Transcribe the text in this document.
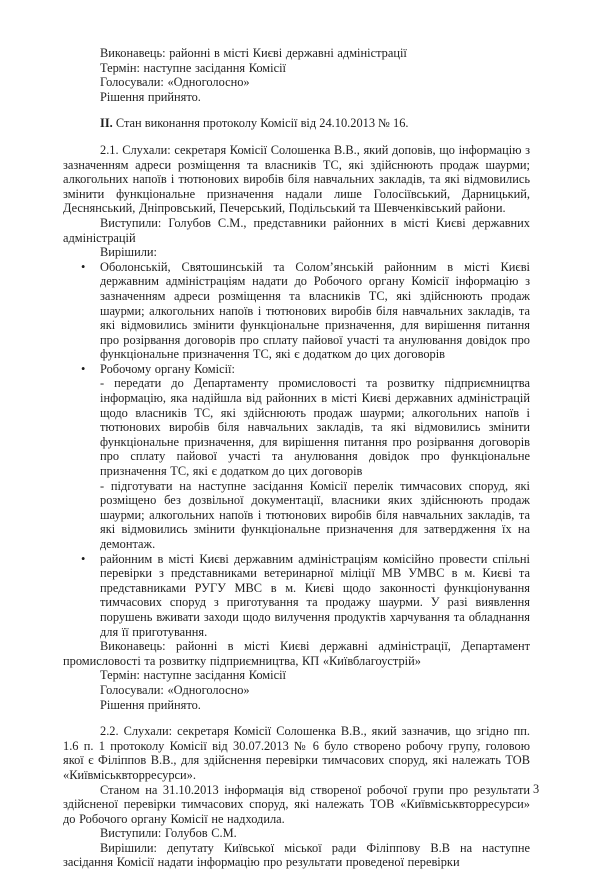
Виконавець: районні в місті Києві державні адміністрації

Термін: наступне засідання Комісії

Голосували: «Одноголосно»

Рішення прийнято.

II. Стан виконання протоколу Комісії від 24.10.2013 № 16.

2.1. Слухали: секретаря Комісії Солошенка В.В., який доповів, що інформацію з зазначенням адреси розміщення та власників ТС, які здійснюють продаж шаурми; алкогольних напоїв і тютюнових виробів біля навчальних закладів, та які відмовились змінити функціональне призначення надали лише Голосіївський, Дарницький, Деснянський, Дніпровський, Печерський, Подільський та Шевченківський райони.

Виступили: Голубов С.М., представники районних в місті Києві державних адміністрацій

Вирішили:

• Оболонській, Святошинській та Солом’янській районним в місті Києві державним адміністраціям надати до Робочого органу Комісії інформацію з зазначенням адреси розміщення та власників ТС, які здійснюють продаж шаурми; алкогольних напоїв і тютюнових виробів біля навчальних закладів, та які відмовились змінити функціональне призначення, для вирішення питання про розірвання договорів про сплату пайової участі та анулювання довідок про функціональне призначення ТС, які є додатком до цих договорів

• Робочому органу Комісії:

- передати до Департаменту промисловості та розвитку підприємництва інформацію, яка надійшла від районних в місті Києві державних адміністрацій щодо власників ТС, які здійснюють продаж шаурми; алкогольних напоїв і тютюнових виробів біля навчальних закладів, та які відмовились змінити функціональне призначення, для вирішення питання про розірвання договорів про сплату пайової участі та анулювання довідок про функціональне призначення ТС, які є додатком до цих договорів

- підготувати на наступне засідання Комісії перелік тимчасових споруд, які розміщено без дозвільної документації, власники яких здійснюють продаж шаурми; алкогольних напоїв і тютюнових виробів біля навчальних закладів, та які відмовились змінити функціональне призначення для затвердження їх на демонтаж.

• районним в місті Києві державним адміністраціям комісійно провести спільні перевірки з представниками ветеринарної міліції МВ УМВС в м. Києві та представниками РУГУ МВС в м. Києві щодо законності функціонування тимчасових споруд з приготування та продажу шаурми. У разі виявлення порушень вживати заходи щодо вилучення продуктів харчування та обладнання для її приготування.

Виконавець: районні в місті Києві державні адміністрації, Департамент промисловості та розвитку підприємництва, КП «Київблагоустрій»

Термін: наступне засідання Комісії

Голосували: «Одноголосно»

Рішення прийнято.

2.2. Слухали: секретаря Комісії Солошенка В.В., який зазначив, що згідно пп. 1.6 п. 1 протоколу Комісії від 30.07.2013 № 6 було створено робочу групу, головою якої є Філіппов В.В., для здійснення перевірки тимчасових споруд, які належать ТОВ «Київміськвторресурси».

Станом на 31.10.2013 інформація від створеної робочої групи про результати здійсненої перевірки тимчасових споруд, які належать ТОВ «Київміськвторресурси» до Робочого органу Комісії не надходила.

Виступили: Голубов С.М.

Вирішили: депутату Київської міської ради Філіппову В.В на наступне засідання Комісії надати інформацію про результати проведеної перевірки

3
